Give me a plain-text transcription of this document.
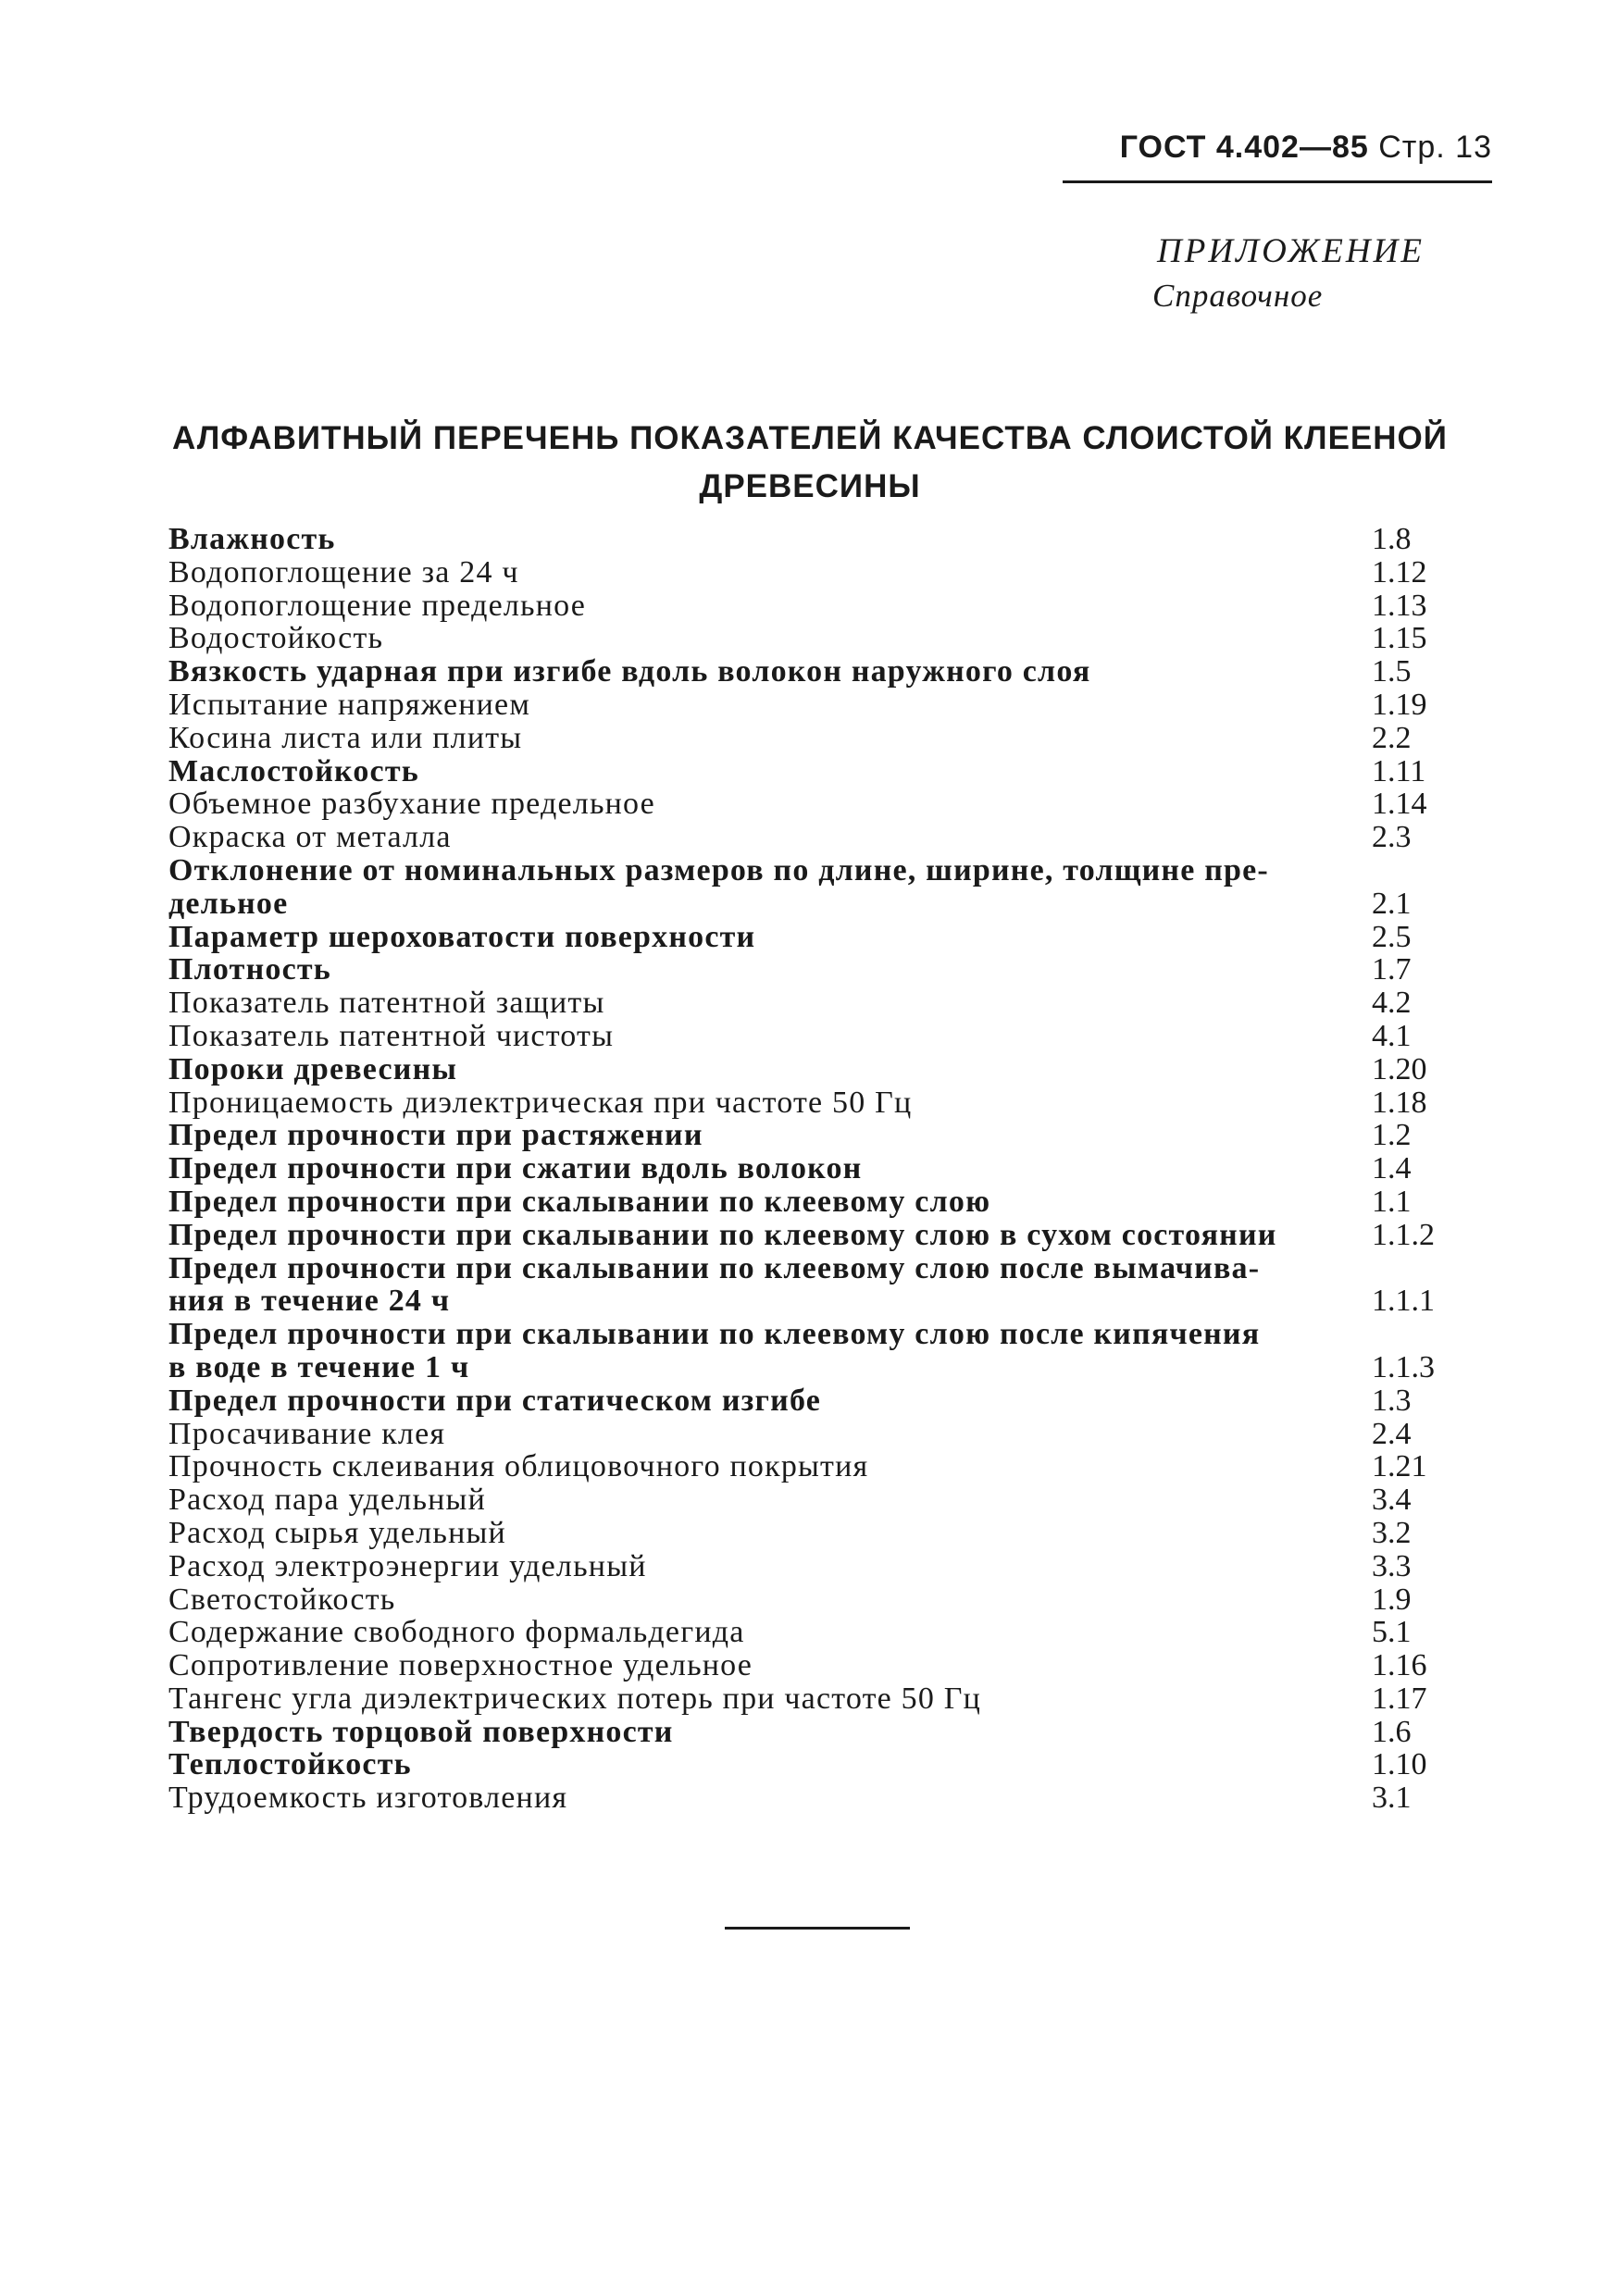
ГОСТ 4.402—85 Стр. 13
ПРИЛОЖЕНИЕ
Справочное
АЛФАВИТНЫЙ ПЕРЕЧЕНЬ ПОКАЗАТЕЛЕЙ КАЧЕСТВА СЛОИСТОЙ КЛЕЕНОЙ ДРЕВЕСИНЫ
Влажность	1.8
Водопоглощение за 24 ч	1.12
Водопоглощение предельное	1.13
Водостойкость	1.15
Вязкость ударная при изгибе вдоль волокон наружного слоя	1.5
Испытание напряжением	1.19
Косина листа или плиты	2.2
Маслостойкость	1.11
Объемное разбухание предельное	1.14
Окраска от металла	2.3
Отклонение от номинальных размеров по длине, ширине, толщине пре-
дельное	2.1
Параметр шероховатости поверхности	2.5
Плотность	1.7
Показатель патентной защиты	4.2
Показатель патентной чистоты	4.1
Пороки древесины	1.20
Проницаемость диэлектрическая при частоте 50 Гц	1.18
Предел прочности при растяжении	1.2
Предел прочности при сжатии вдоль волокон	1.4
Предел прочности при скалывании по клеевому слою	1.1
Предел прочности при скалывании по клеевому слою в сухом состоянии	1.1.2
Предел прочности при скалывании по клеевому слою после вымачива-
ния в течение 24 ч	1.1.1
Предел прочности при скалывании по клеевому слою после кипячения
в воде в течение 1 ч	1.1.3
Предел прочности при статическом изгибе	1.3
Просачивание клея	2.4
Прочность склеивания облицовочного покрытия	1.21
Расход пара удельный	3.4
Расход сырья удельный	3.2
Расход электроэнергии удельный	3.3
Светостойкость	1.9
Содержание свободного формальдегида	5.1
Сопротивление поверхностное удельное	1.16
Тангенс угла диэлектрических потерь при частоте 50 Гц	1.17
Твердость торцовой поверхности	1.6
Теплостойкость	1.10
Трудоемкость изготовления	3.1
